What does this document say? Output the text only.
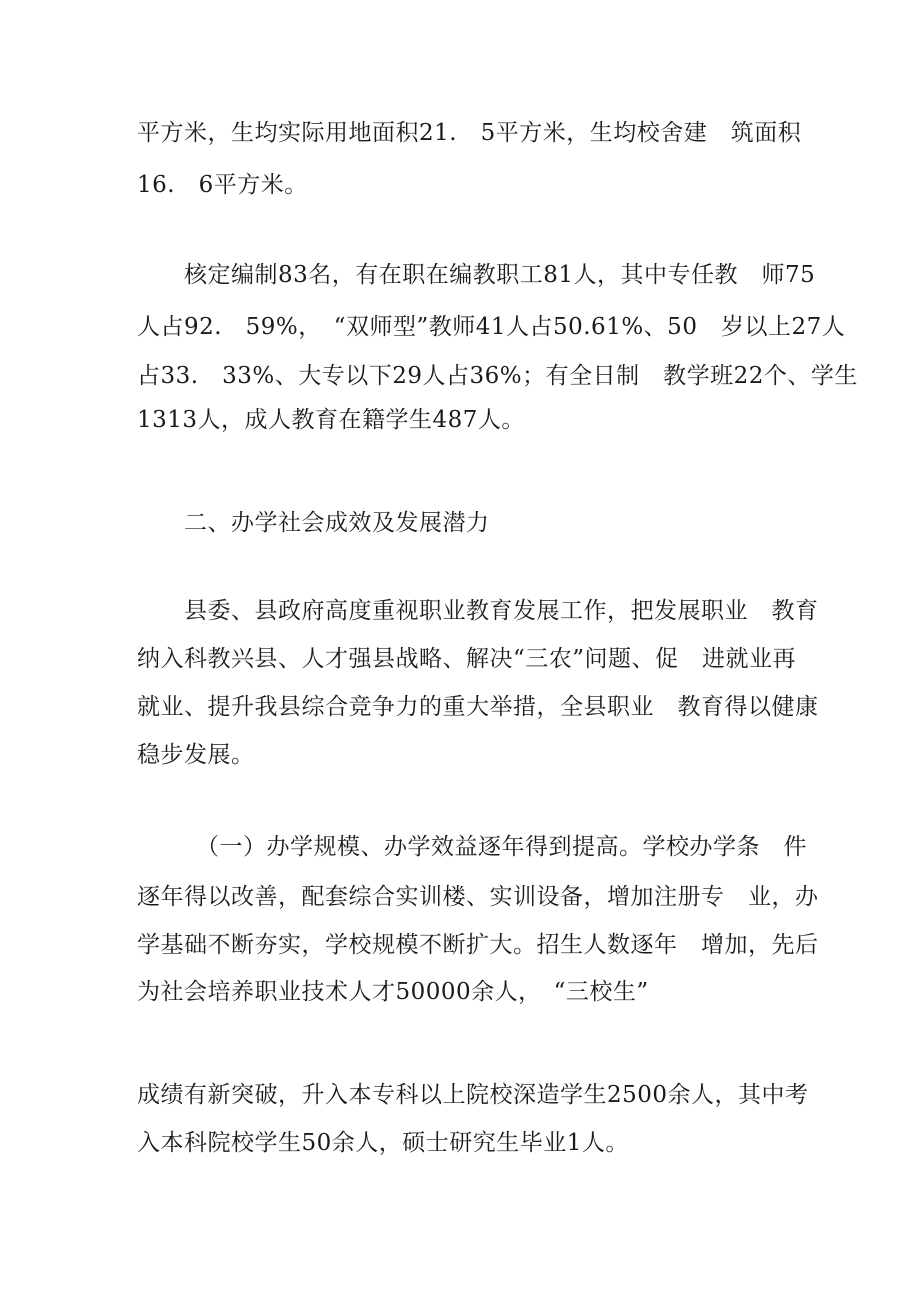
平方米，生均实际用地面积21.　5平方米，生均校舍建　筑面积
16.　6平方米。
　　核定编制83名，有在职在编教职工81人，其中专任教　师75
人占92.　59%，　“双师型”教师41人占50.61%、50　岁以上27人
占33.　33%、大专以下29人占36%；有全日制　教学班22个、学生
1313人，成人教育在籍学生487人。
　　二、办学社会成效及发展潜力
　　县委、县政府高度重视职业教育发展工作，把发展职业　教育
纳入科教兴县、人才强县战略、解决“三农”问题、促　进就业再
就业、提升我县综合竞争力的重大举措，全县职业　教育得以健康
稳步发展。
　　　（一）办学规模、办学效益逐年得到提高。学校办学条　件
逐年得以改善，配套综合实训楼、实训设备，增加注册专　业，办
学基础不断夯实，学校规模不断扩大。招生人数逐年　增加，先后
为社会培养职业技术人才50000余人，　“三校生”
成绩有新突破，升入本专科以上院校深造学生2500余人，其中考
入本科院校学生50余人，硕士研究生毕业1人。
